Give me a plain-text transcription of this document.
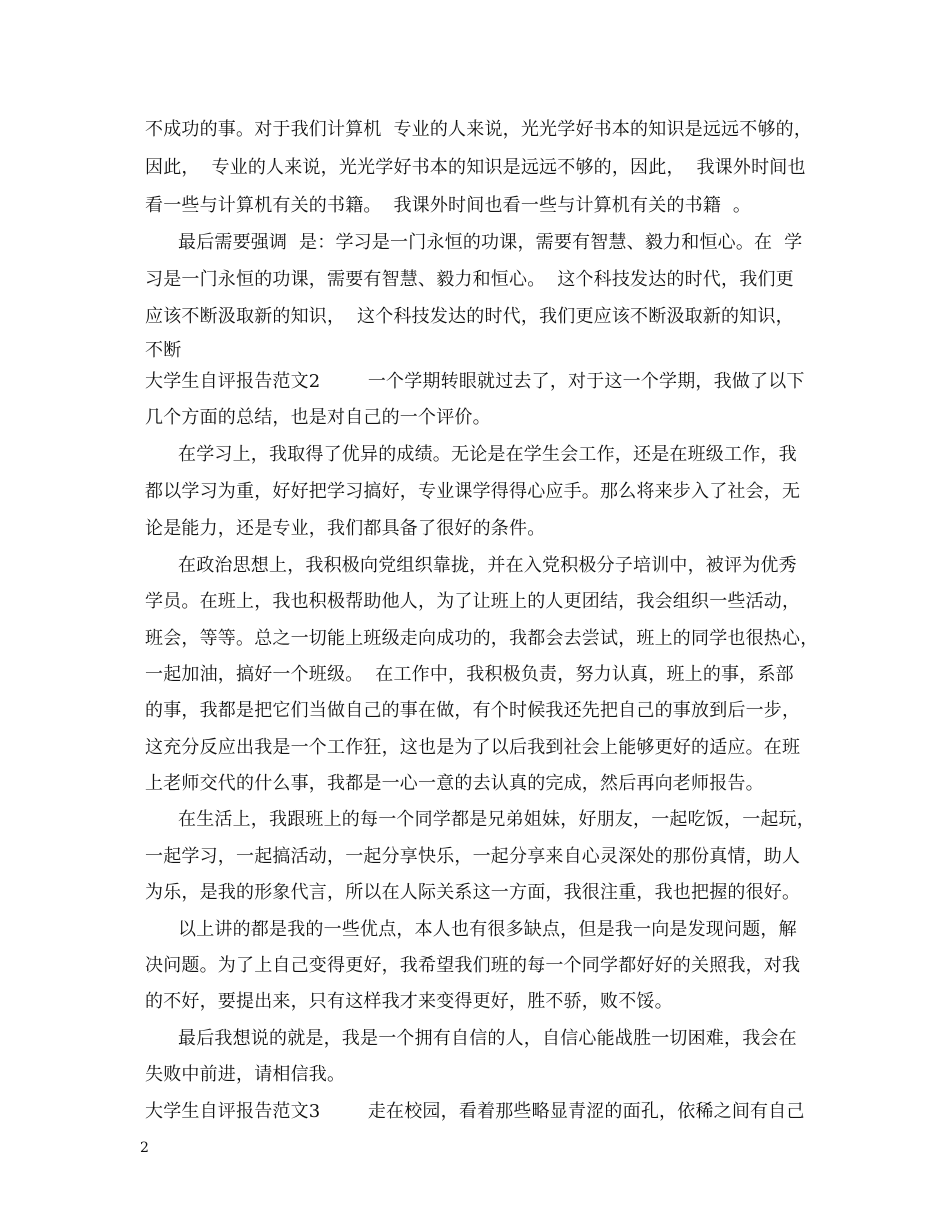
不成功的事。对于我们计算机  专业的人来说，光光学好书本的知识是远远不够的，
因此，  专业的人来说，光光学好书本的知识是远远不够的，因此，  我课外时间也
看一些与计算机有关的书籍。  我课外时间也看一些与计算机有关的书籍  。
最后需要强调  是：学习是一门永恒的功课，需要有智慧、毅力和恒心。在  学
习是一门永恒的功课，需要有智慧、毅力和恒心。  这个科技发达的时代，我们更
应该不断汲取新的知识，  这个科技发达的时代，我们更应该不断汲取新的知识，
不断
大学生自评报告范文2        一个学期转眼就过去了，对于这一个学期，我做了以下
几个方面的总结，也是对自己的一个评价。
在学习上，我取得了优异的成绩。无论是在学生会工作，还是在班级工作，我
都以学习为重，好好把学习搞好，专业课学得得心应手。那么将来步入了社会，无
论是能力，还是专业，我们都具备了很好的条件。
在政治思想上，我积极向党组织靠拢，并在入党积极分子培训中，被评为优秀
学员。在班上，我也积极帮助他人，为了让班上的人更团结，我会组织一些活动，
班会，等等。总之一切能上班级走向成功的，我都会去尝试，班上的同学也很热心，
一起加油，搞好一个班级。  在工作中，我积极负责，努力认真，班上的事，系部
的事，我都是把它们当做自己的事在做，有个时候我还先把自己的事放到后一步，
这充分反应出我是一个工作狂，这也是为了以后我到社会上能够更好的适应。在班
上老师交代的什么事，我都是一心一意的去认真的完成，然后再向老师报告。
在生活上，我跟班上的每一个同学都是兄弟姐妹，好朋友，一起吃饭，一起玩，
一起学习，一起搞活动，一起分享快乐，一起分享来自心灵深处的那份真情，助人
为乐，是我的形象代言，所以在人际关系这一方面，我很注重，我也把握的很好。
以上讲的都是我的一些优点，本人也有很多缺点，但是我一向是发现问题，解
决问题。为了上自己变得更好，我希望我们班的每一个同学都好好的关照我，对我
的不好，要提出来，只有这样我才来变得更好，胜不骄，败不馁。
最后我想说的就是，我是一个拥有自信的人，自信心能战胜一切困难，我会在
失败中前进，请相信我。
大学生自评报告范文3        走在校园，看着那些略显青涩的面孔，依稀之间有自己
2
